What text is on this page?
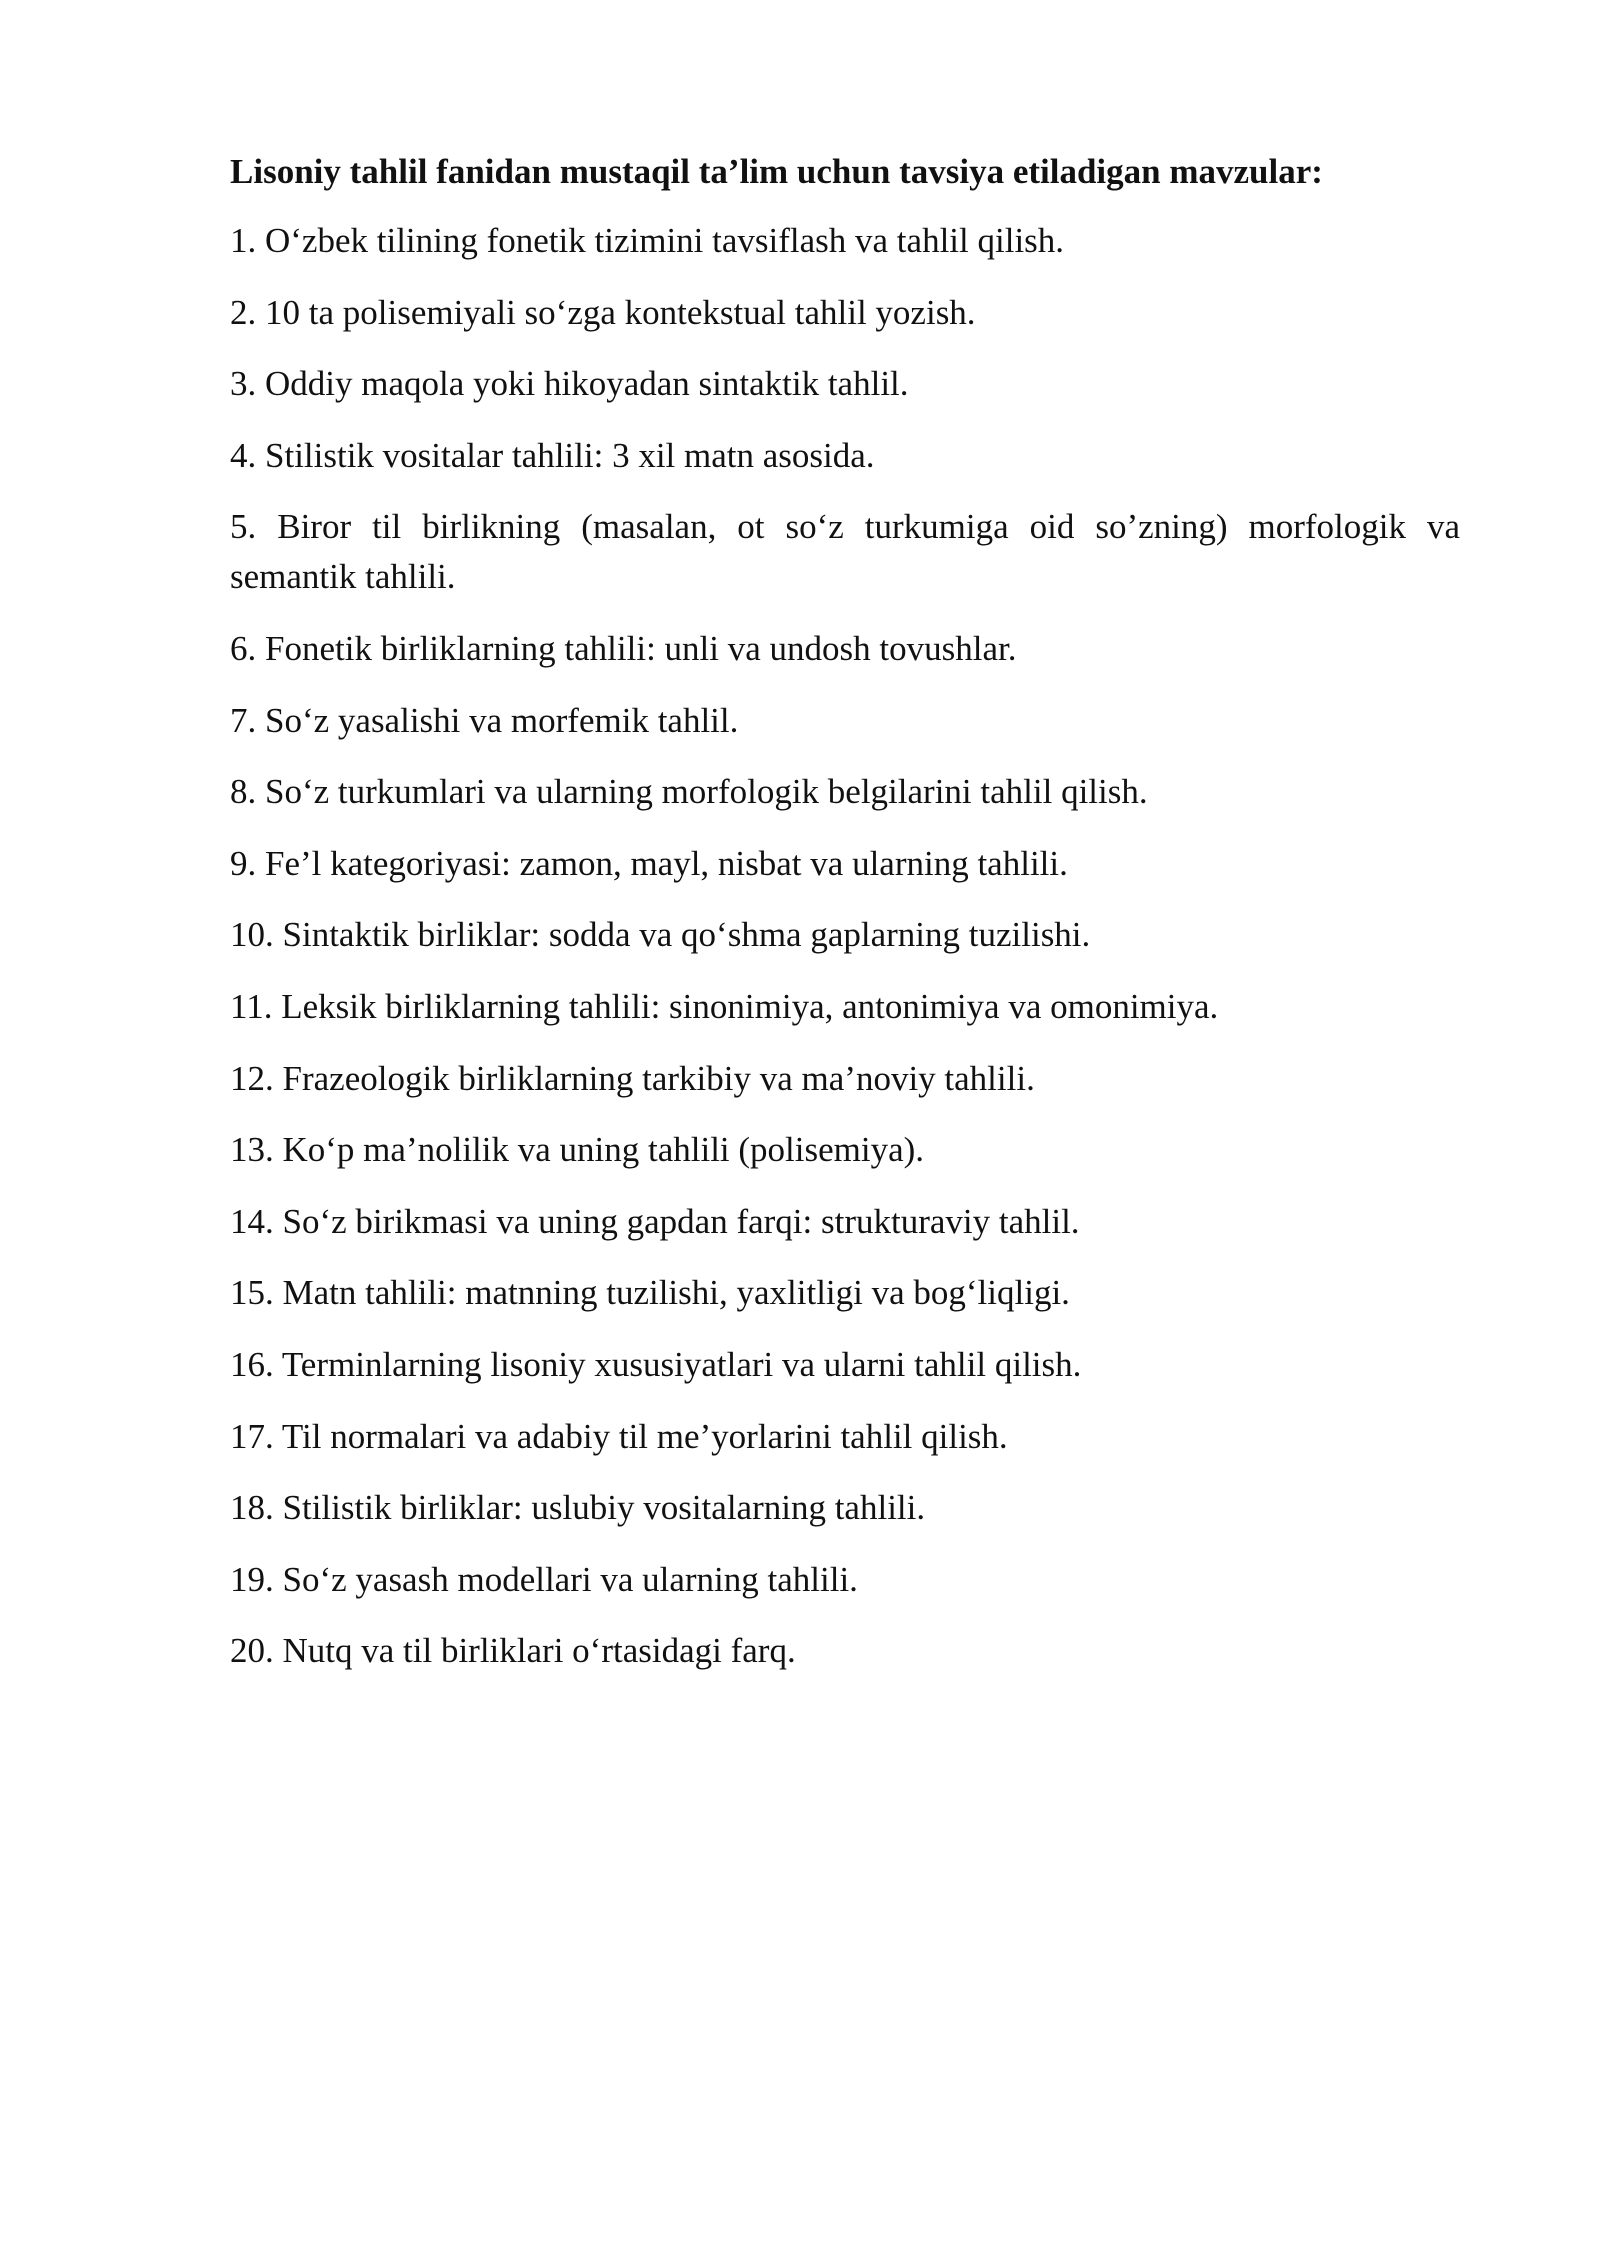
Lisoniy tahlil fanidan mustaqil ta’lim uchun tavsiya etiladigan mavzular:
1. O‘zbek tilining fonetik tizimini tavsiflash va tahlil qilish.
2. 10 ta polisemiyali so‘zga kontekstual tahlil yozish.
3. Oddiy maqola yoki hikoyadan sintaktik tahlil.
4. Stilistik vositalar tahlili: 3 xil matn asosida.
5. Biror til birlikning (masalan, ot so‘z turkumiga oid so’zning) morfologik va semantik tahlili.
6. Fonetik birliklarning tahlili: unli va undosh tovushlar.
7. So‘z yasalishi va morfemik tahlil.
8. So‘z turkumlari va ularning morfologik belgilarini tahlil qilish.
9. Fe’l kategoriyasi: zamon, mayl, nisbat va ularning tahlili.
10. Sintaktik birliklar: sodda va qo‘shma gaplarning tuzilishi.
11. Leksik birliklarning tahlili: sinonimiya, antonimiya va omonimiya.
12. Frazeologik birliklarning tarkibiy va ma’noviy tahlili.
13. Ko‘p ma’nolilik va uning tahlili (polisemiya).
14. So‘z birikmasi va uning gapdan farqi: strukturaviy tahlil.
15. Matn tahlili: matnning tuzilishi, yaxlitligi va bog‘liqligi.
16. Terminlarning lisoniy xususiyatlari va ularni tahlil qilish.
17. Til normalari va adabiy til me’yorlarini tahlil qilish.
18. Stilistik birliklar: uslubiy vositalarning tahlili.
19. So‘z yasash modellari va ularning tahlili.
20. Nutq va til birliklari o‘rtasidagi farq.
